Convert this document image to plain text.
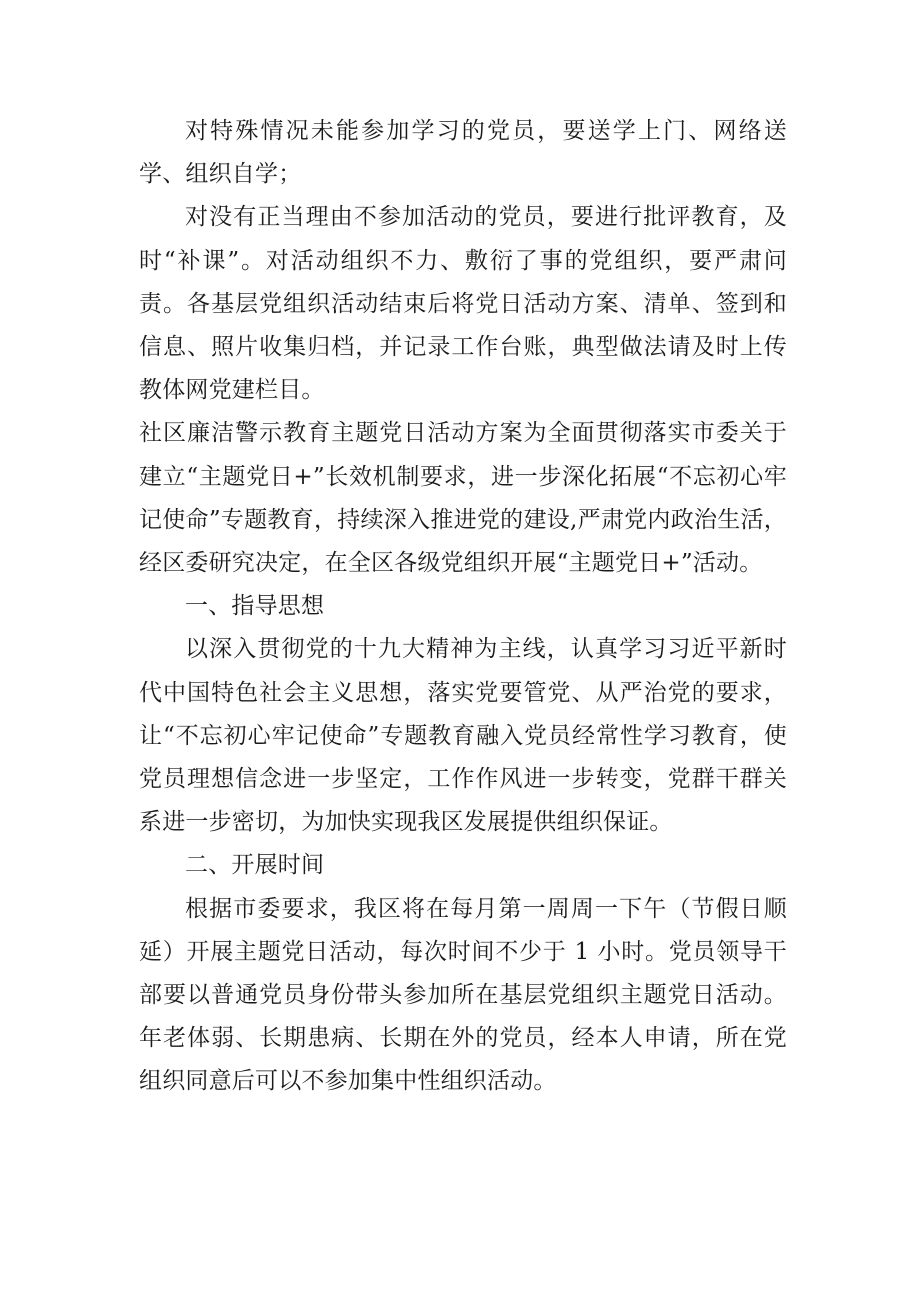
对特殊情况未能参加学习的党员，要送学上门、网络送学、组织自学；

对没有正当理由不参加活动的党员，要进行批评教育，及时“补课”。对活动组织不力、敷衍了事的党组织，要严肃问责。各基层党组织活动结束后将党日活动方案、清单、签到和信息、照片收集归档，并记录工作台账，典型做法请及时上传教体网党建栏目。

社区廉洁警示教育主题党日活动方案为全面贯彻落实市委关于建立“主题党日+”长效机制要求，进一步深化拓展“不忘初心牢记使命”专题教育，持续深入推进党的建设,严肃党内政治生活，经区委研究决定，在全区各级党组织开展“主题党日+”活动。

一、指导思想

以深入贯彻党的十九大精神为主线，认真学习习近平新时代中国特色社会主义思想，落实党要管党、从严治党的要求，让“不忘初心牢记使命”专题教育融入党员经常性学习教育，使党员理想信念进一步坚定，工作作风进一步转变，党群干群关系进一步密切，为加快实现我区发展提供组织保证。

二、开展时间

根据市委要求，我区将在每月第一周周一下午（节假日顺延）开展主题党日活动，每次时间不少于 1 小时。党员领导干部要以普通党员身份带头参加所在基层党组织主题党日活动。年老体弱、长期患病、长期在外的党员，经本人申请，所在党组织同意后可以不参加集中性组织活动。
